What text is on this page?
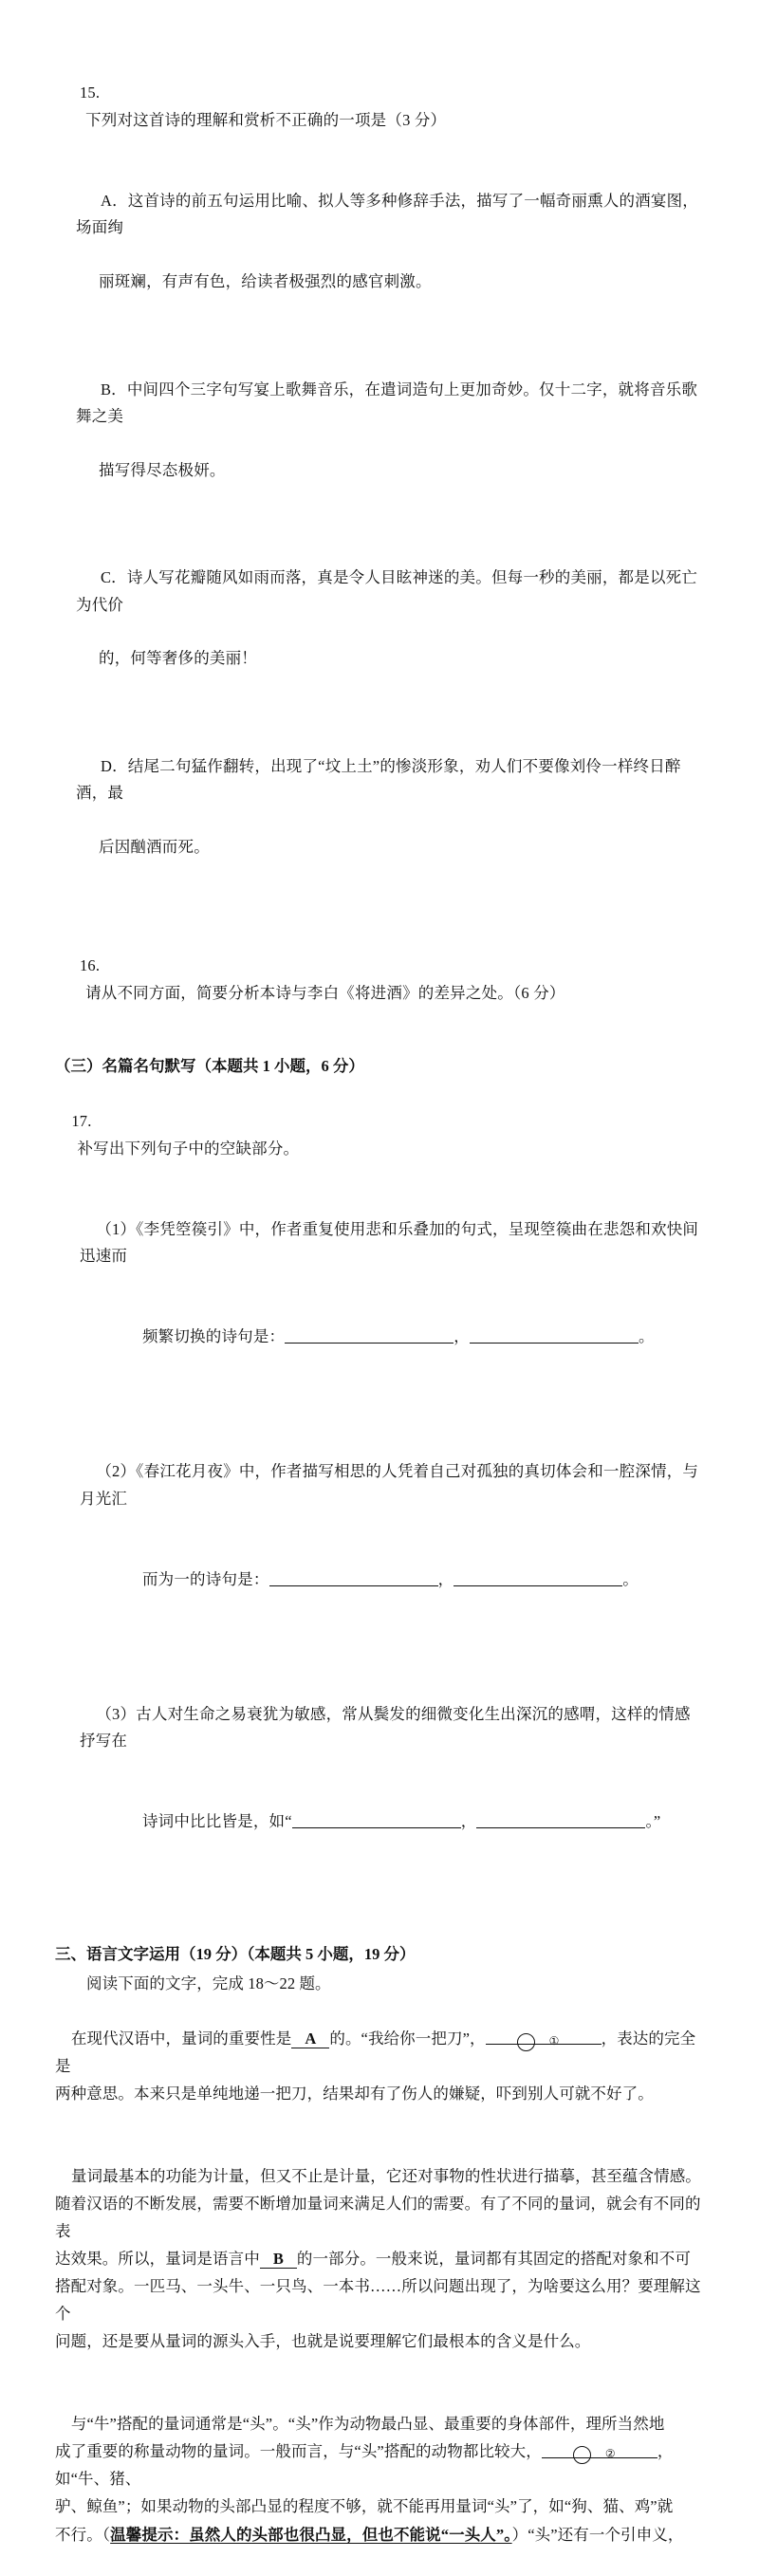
15.
下列对这首诗的理解和赏析不正确的一项是（3 分）

A．这首诗的前五句运用比喻、拟人等多种修辞手法，描写了一幅奇丽熏人的酒宴图，场面绚

丽斑斓，有声有色，给读者极强烈的感官刺激。

B．中间四个三字句写宴上歌舞音乐，在遣词造句上更加奇妙。仅十二字，就将音乐歌舞之美

描写得尽态极妍。

C．诗人写花瓣随风如雨而落，真是令人目眩神迷的美。但每一秒的美丽，都是以死亡为代价

的，何等奢侈的美丽！

D．结尾二句猛作翻转，出现了“坟上土”的惨淡形象，劝人们不要像刘伶一样终日醉酒，最

后因酗酒而死。

16.
请从不同方面，简要分析本诗与李白《将进酒》的差异之处。（6 分）

（三）名篇名句默写（本题共 1 小题，6 分）

17.
补写出下列句子中的空缺部分。

（1）《李凭箜篌引》中，作者重复使用悲和乐叠加的句式，呈现箜篌曲在悲怨和欢快间迅速而

频繁切换的诗句是：	，	。

（2）《春江花月夜》中，作者描写相思的人凭着自己对孤独的真切体会和一腔深情，与月光汇

而为一的诗句是：	，	。

（3）古人对生命之易衰犹为敏感，常从鬓发的细微变化生出深沉的感喟，这样的情感抒写在

诗词中比比皆是，如“	，	。”

三、语言文字运用（19 分）（本题共 5 小题，19 分）
阅读下面的文字，完成 18～22 题。

在现代汉语中，量词的重要性是 A 的。“我给你一把刀”，	①	，表达的完全是
两种意思。本来只是单纯地递一把刀，结果却有了伤人的嫌疑，吓到别人可就不好了。

量词最基本的功能为计量，但又不止是计量，它还对事物的性状进行描摹，甚至蕴含情感。
随着汉语的不断发展，需要不断增加量词来满足人们的需要。有了不同的量词，就会有不同的表
达效果。所以，量词是语言中 B 的一部分。一般来说，量词都有其固定的搭配对象和不可
搭配对象。一匹马、一头牛、一只鸟、一本书……所以问题出现了，为啥要这么用？要理解这个
问题，还是要从量词的源头入手，也就是说要理解它们最根本的含义是什么。

与“牛”搭配的量词通常是“头”。“头”作为动物最凸显、最重要的身体部件，理所当然地
成了重要的称量动物的量词。一般而言，与“头”搭配的动物都比较大，	②	，如“牛、猪、
驴、鲸鱼”；如果动物的头部凸显的程度不够，就不能再用量词“头”了，如“狗、猫、鸡”就
不行。（温馨提示：虽然人的头部也很凸显，但也不能说“一头人”。）“头”还有一个引申义，
